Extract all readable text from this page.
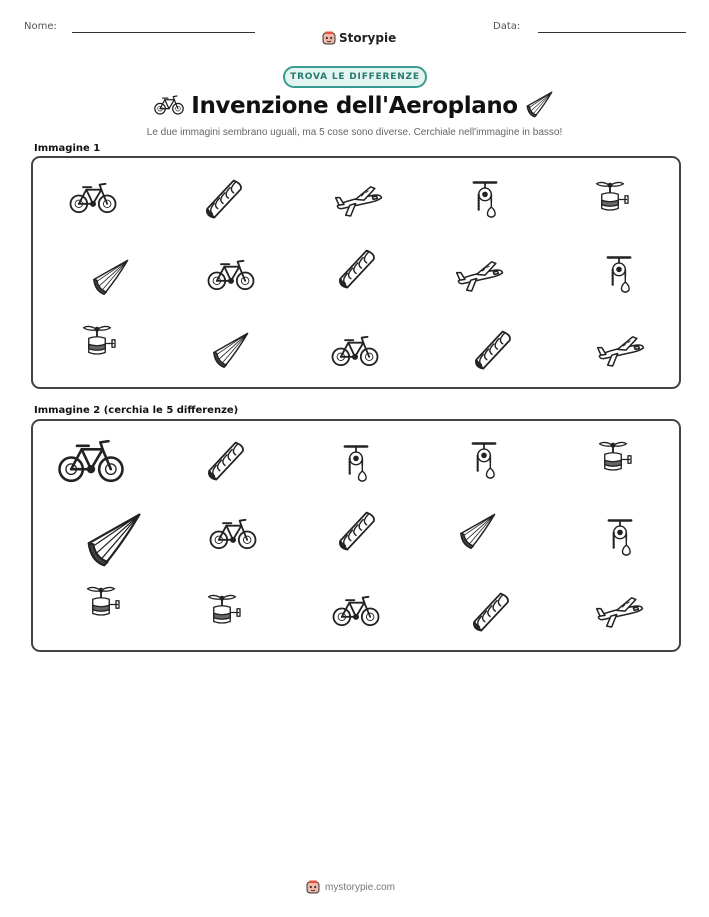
Nome:
Storypie
Data:
TROVA LE DIFFERENZE
Invenzione dell'Aeroplano
Le due immagini sembrano uguali, ma 5 cose sono diverse. Cerchiale nell'immagine in basso!
Immagine 1
Immagine 2 (cerchia le 5 differenze)
mystorypie.com
